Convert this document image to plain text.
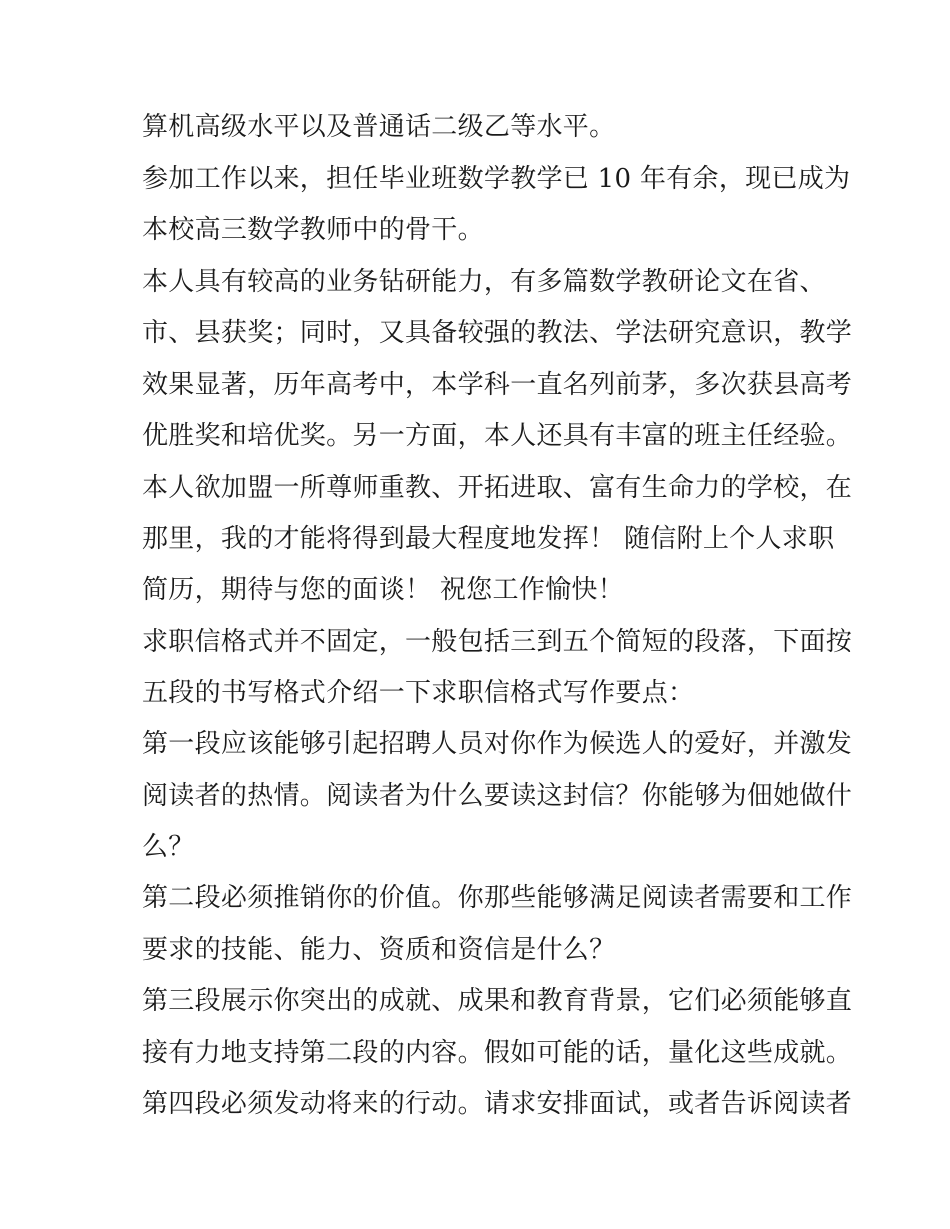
算机高级水平以及普通话二级乙等水平。
参加工作以来，担任毕业班数学教学已 10 年有余，现已成为
本校高三数学教师中的骨干。
本人具有较高的业务钻研能力，有多篇数学教研论文在省、
市、县获奖；同时，又具备较强的教法、学法研究意识，教学
效果显著，历年高考中，本学科一直名列前茅，多次获县高考
优胜奖和培优奖。另一方面，本人还具有丰富的班主任经验。
本人欲加盟一所尊师重教、开拓进取、富有生命力的学校，在
那里，我的才能将得到最大程度地发挥！ 随信附上个人求职
简历，期待与您的面谈！ 祝您工作愉快！
求职信格式并不固定，一般包括三到五个简短的段落，下面按
五段的书写格式介绍一下求职信格式写作要点：
第一段应该能够引起招聘人员对你作为候选人的爱好，并激发
阅读者的热情。阅读者为什么要读这封信？你能够为佃她做什
么？
第二段必须推销你的价值。你那些能够满足阅读者需要和工作
要求的技能、能力、资质和资信是什么？
第三段展示你突出的成就、成果和教育背景，它们必须能够直
接有力地支持第二段的内容。假如可能的话，量化这些成就。
第四段必须发动将来的行动。请求安排面试，或者告诉阅读者
